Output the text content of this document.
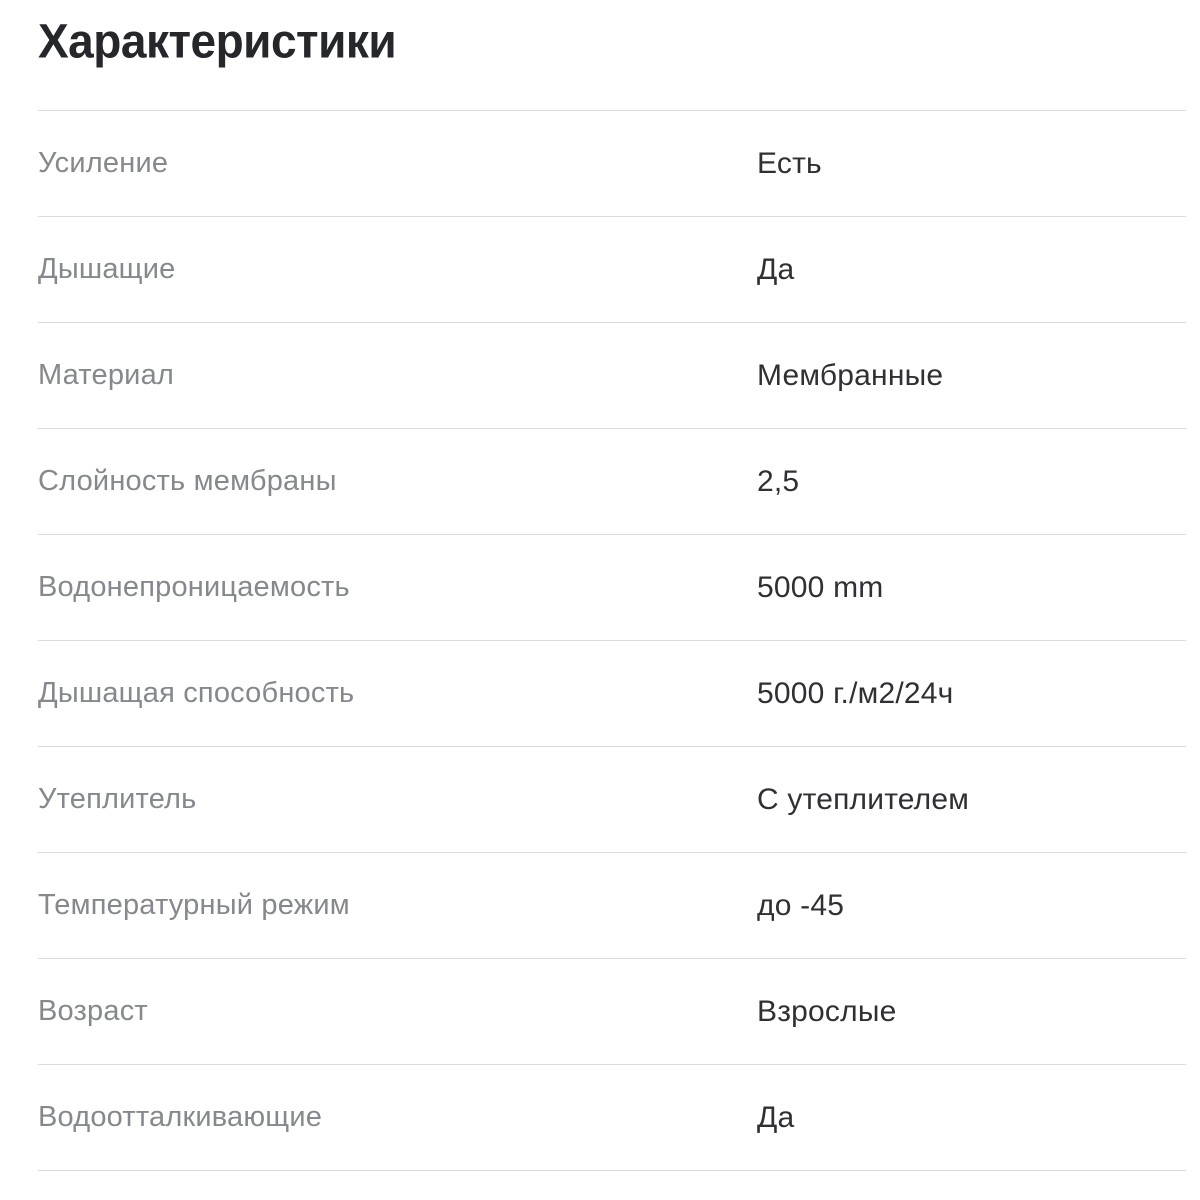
Характеристики
Усиление	Есть
Дышащие	Да
Материал	Мембранные
Слойность мембраны	2,5
Водонепроницаемость	5000 mm
Дышащая способность	5000 г./м2/24ч
Утеплитель	С утеплителем
Температурный режим	до -45
Возраст	Взрослые
Водоотталкивающие	Да
